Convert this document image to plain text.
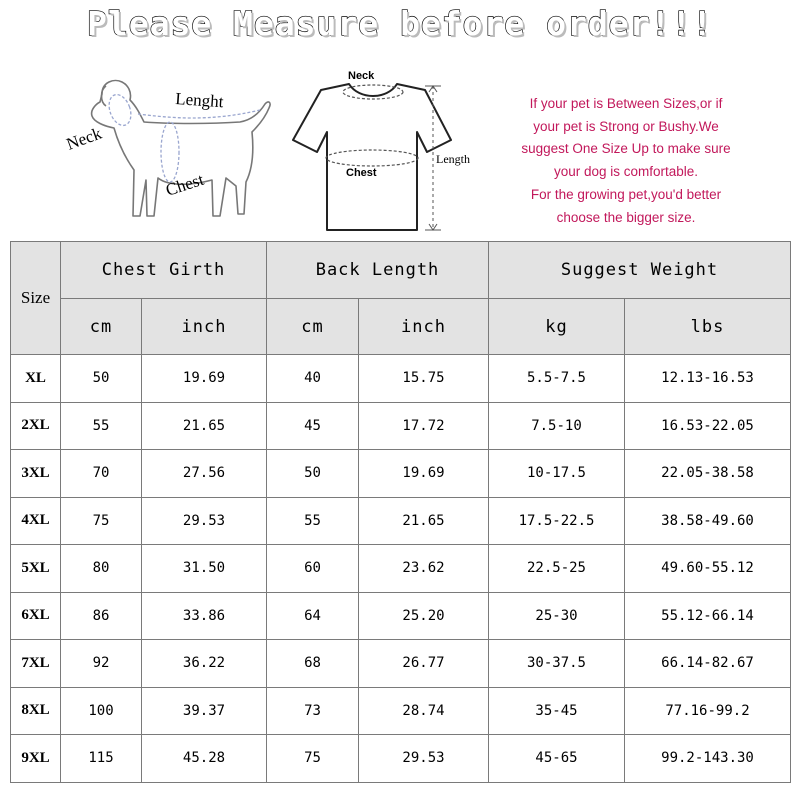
Please Measure before order!!!
Neck
Lenght
Chest
Neck
Chest
Length
If your pet is Between Sizes,or if
your pet is Strong or Bushy.We
suggest One Size Up to make sure
your dog is comfortable.
For the growing pet,you'd better
choose the bigger size.
Size	Chest Girth		Back Length		Suggest Weight	
	cm	inch	cm	inch	kg	lbs
XL	50	19.69	40	15.75	5.5-7.5	12.13-16.53
2XL	55	21.65	45	17.72	7.5-10	16.53-22.05
3XL	70	27.56	50	19.69	10-17.5	22.05-38.58
4XL	75	29.53	55	21.65	17.5-22.5	38.58-49.60
5XL	80	31.50	60	23.62	22.5-25	49.60-55.12
6XL	86	33.86	64	25.20	25-30	55.12-66.14
7XL	92	36.22	68	26.77	30-37.5	66.14-82.67
8XL	100	39.37	73	28.74	35-45	77.16-99.2
9XL	115	45.28	75	29.53	45-65	99.2-143.30
